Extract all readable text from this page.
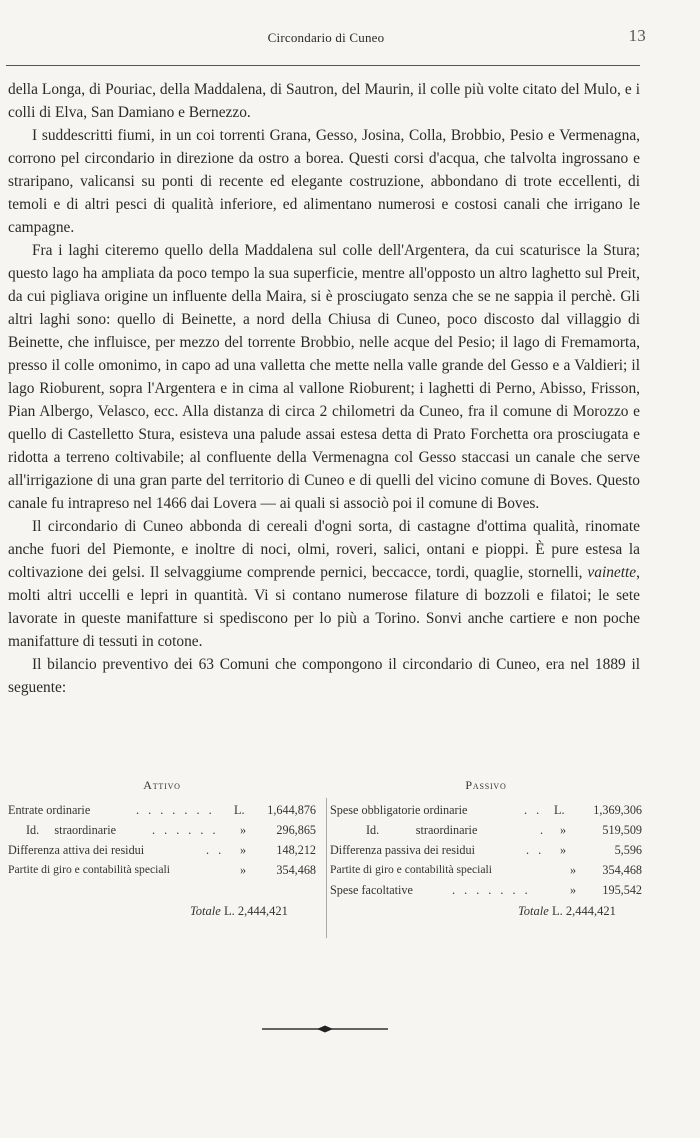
Circondario di Cuneo	13

della Longa, di Pouriac, della Maddalena, di Sautron, del Maurin, il colle più volte citato del Mulo, e i colli di Elva, San Damiano e Bernezzo.

I suddescritti fiumi, in un coi torrenti Grana, Gesso, Josina, Colla, Brobbio, Pesio e Vermenagna, corrono pel circondario in direzione da ostro a borea. Questi corsi d'acqua, che talvolta ingrossano e straripano, valicansi su ponti di recente ed elegante costruzione, abbondano di trote eccellenti, di temoli e di altri pesci di qualità inferiore, ed alimentano numerosi e costosi canali che irrigano le campagne.

Fra i laghi citeremo quello della Maddalena sul colle dell'Argentera, da cui scaturisce la Stura; questo lago ha ampliata da poco tempo la sua superficie, mentre all'opposto un altro laghetto sul Preit, da cui pigliava origine un influente della Maira, si è prosciugato senza che se ne sappia il perchè. Gli altri laghi sono: quello di Beinette, a nord della Chiusa di Cuneo, poco discosto dal villaggio di Beinette, che influisce, per mezzo del torrente Brobbio, nelle acque del Pesio; il lago di Fremamorta, presso il colle omonimo, in capo ad una valletta che mette nella valle grande del Gesso e a Valdieri; il lago Rioburent, sopra l'Argentera e in cima al vallone Rioburent; i laghetti di Perno, Abisso, Frisson, Pian Albergo, Velasco, ecc. Alla distanza di circa 2 chilometri da Cuneo, fra il comune di Morozzo e quello di Castelletto Stura, esisteva una palude assai estesa detta di Prato Forchetta ora prosciugata e ridotta a terreno coltivabile; al confluente della Vermenagna col Gesso staccasi un canale che serve all'irrigazione di una gran parte del territorio di Cuneo e di quelli del vicino comune di Boves. Questo canale fu intrapreso nel 1466 dai Lovera — ai quali si associò poi il comune di Boves.

Il circondario di Cuneo abbonda di cereali d'ogni sorta, di castagne d'ottima qualità, rinomate anche fuori del Piemonte, e inoltre di noci, olmi, roveri, salici, ontani e pioppi. È pure estesa la coltivazione dei gelsi. Il selvaggiume comprende pernici, beccacce, tordi, quaglie, stornelli, vainette, molti altri uccelli e lepri in quantità. Vi si contano numerose filature di bozzoli e filatoi; le sete lavorate in queste manifatture si spediscono per lo più a Torino. Sonvi anche cartiere e non poche manifatture di tessuti in cotone.

Il bilancio preventivo dei 63 Comuni che compongono il circondario di Cuneo, era nel 1889 il seguente:

Attivo
Entrate ordinarie	. . . . . . . L. 1,644,876
Id.     straordinarie	. . . . . . » 296,865
Differenza attiva dei residui	. . » 148,212
Partite di giro e contabilità speciali	» 354,468
Passivo
Spese obbligatorie ordinarie	. . L. 1,369,306
Id.            straordinarie	. »	519,509
Differenza passiva dei residui	. . »	5,596
Partite di giro e contabilità speciali	» 354,468
Spese facoltative	. . . . . . .	» 195,542
Totale L. 2,444,421	Totale L. 2,444,421
